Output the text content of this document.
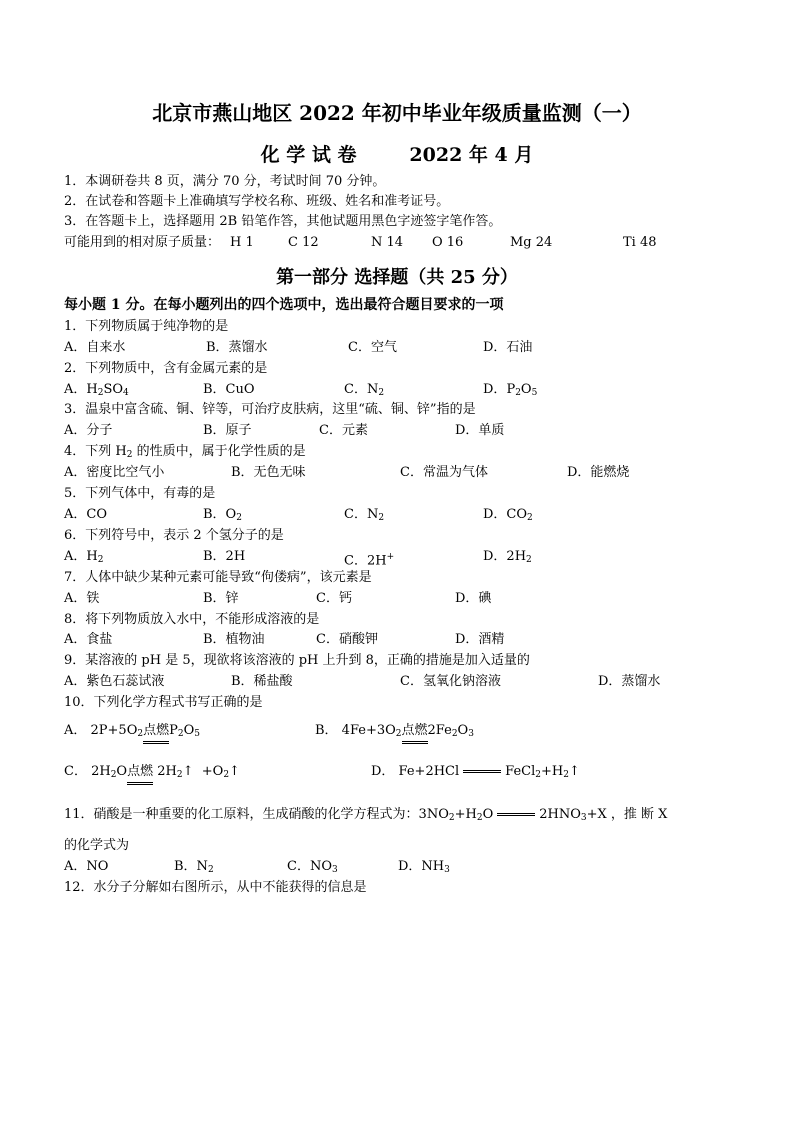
北京市燕山地区 2022 年初中毕业年级质量监测（一）
化 学 试 卷        2022 年 4 月
1．本调研卷共 8 页，满分 70 分，考试时间 70 分钟。
2．在试卷和答题卡上准确填写学校名称、班级、姓名和准考证号。
3．在答题卡上，选择题用 2B 铅笔作答，其他试题用黑色字迹签字笔作答。
可能用到的相对原子质量： H 1	C 12	N 14 O 16	Mg 24	Ti 48
第一部分 选择题（共 25 分）
每小题 1 分。在每小题列出的四个选项中，选出最符合题目要求的一项
1．下列物质属于纯净物的是
A．自来水	B．蒸馏水	C．空气	D．石油
2．下列物质中，含有金属元素的是
A．$H_2SO_4$	B．CuO	C．$N_2$	D．$P_2O_5$
3．温泉中富含硫、铜、锌等，可治疗皮肤病，这里“硫、铜、锌”指的是
A．分子	B．原子	C．元素	D．单质
4．下列 $H_2$ 的性质中，属于化学性质的是
A．密度比空气小	B．无色无味	C．常温为气体	D．能燃烧
5．下列气体中，有毒的是
A．CO	B．$O_2$	C．$N_2$	D．$CO_2$
6．下列符号中，表示 2 个氢分子的是
A．$H_2$	B．2H	C．2H+	D．$2H_2$
7．人体中缺少某种元素可能导致“佝偻病”，该元素是
A．铁	B．锌	C．钙	D．碘
8．将下列物质放入水中，不能形成溶液的是
A．食盐	B．植物油	C．硝酸钾	D．酒精
9．某溶液的 pH 是 5，现欲将该溶液的 pH 上升到 8，正确的措施是加入适量的
A．紫色石蕊试液	B．稀盐酸	C．氢氧化钠溶液	D．蒸馏水
10．下列化学方程式书写正确的是
A． $2P+5O_2$点燃$P_2O_5$	B． $4Fe+3O_2$点燃$2Fe_2O_3$
C． $2H_2O$点燃 $2H_2↑$  $+O_2↑$	D． Fe+2HCl	$FeCl_2+H_2↑$
11．硝酸是一种重要的化工原料，生成硝酸的化学方程式为：$3NO_2+H_2O$	$2HNO_3+X$ ，推 断 X
的化学式为
A．NO	B．$N_2$	C．$NO_3$	D．$NH_3$
12．水分子分解如右图所示，从中不能获得的信息是
